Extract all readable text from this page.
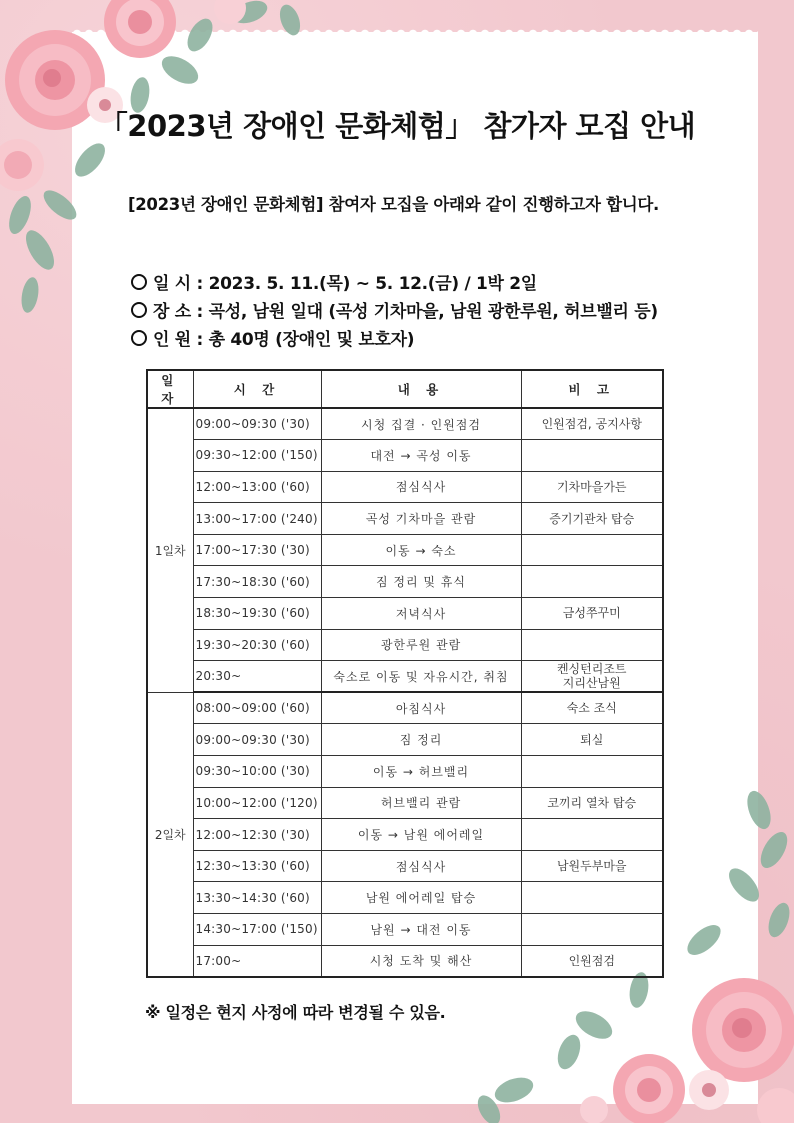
「2023년 장애인 문화체험」 참가자 모집 안내
[2023년 장애인 문화체험] 참여자 모집을 아래와 같이 진행하고자 합니다.
일 시 : 2023. 5. 11.(목) ~ 5. 12.(금) / 1박 2일
장 소 : 곡성, 남원 일대 (곡성 기차마을, 남원 광한루원, 허브밸리 등)
인 원 : 총 40명 (장애인 및 보호자)
일 자	시 간	내 용	비 고
1일차	09:00~09:30 ('30)	시청 집결 · 인원점검	인원점검, 공지사항
	09:30~12:00 ('150)	대전 → 곡성 이동	
	12:00~13:00 ('60)	점심식사	기차마을가든
	13:00~17:00 ('240)	곡성 기차마을 관람	증기기관차 탑승
	17:00~17:30 ('30)	이동 → 숙소	
	17:30~18:30 ('60)	짐 정리 및 휴식	
	18:30~19:30 ('60)	저녁식사	금성쭈꾸미
	19:30~20:30 ('60)	광한루원 관람	
	20:30~	숙소로 이동 및 자유시간, 취침	켄싱턴리조트
지리산남원

2일차	08:00~09:00 ('60)	아침식사	숙소 조식
	09:00~09:30 ('30)	짐 정리	퇴실
	09:30~10:00 ('30)	이동 → 허브밸리	
	10:00~12:00 ('120)	허브밸리 관람	코끼리 열차 탑승
	12:00~12:30 ('30)	이동 → 남원 에어레일	
	12:30~13:30 ('60)	점심식사	남원두부마을
	13:30~14:30 ('60)	남원 에어레일 탑승	
	14:30~17:00 ('150)	남원 → 대전 이동	
	17:00~	시청 도착 및 해산	인원점검
※ 일정은 현지 사정에 따라 변경될 수 있음.
